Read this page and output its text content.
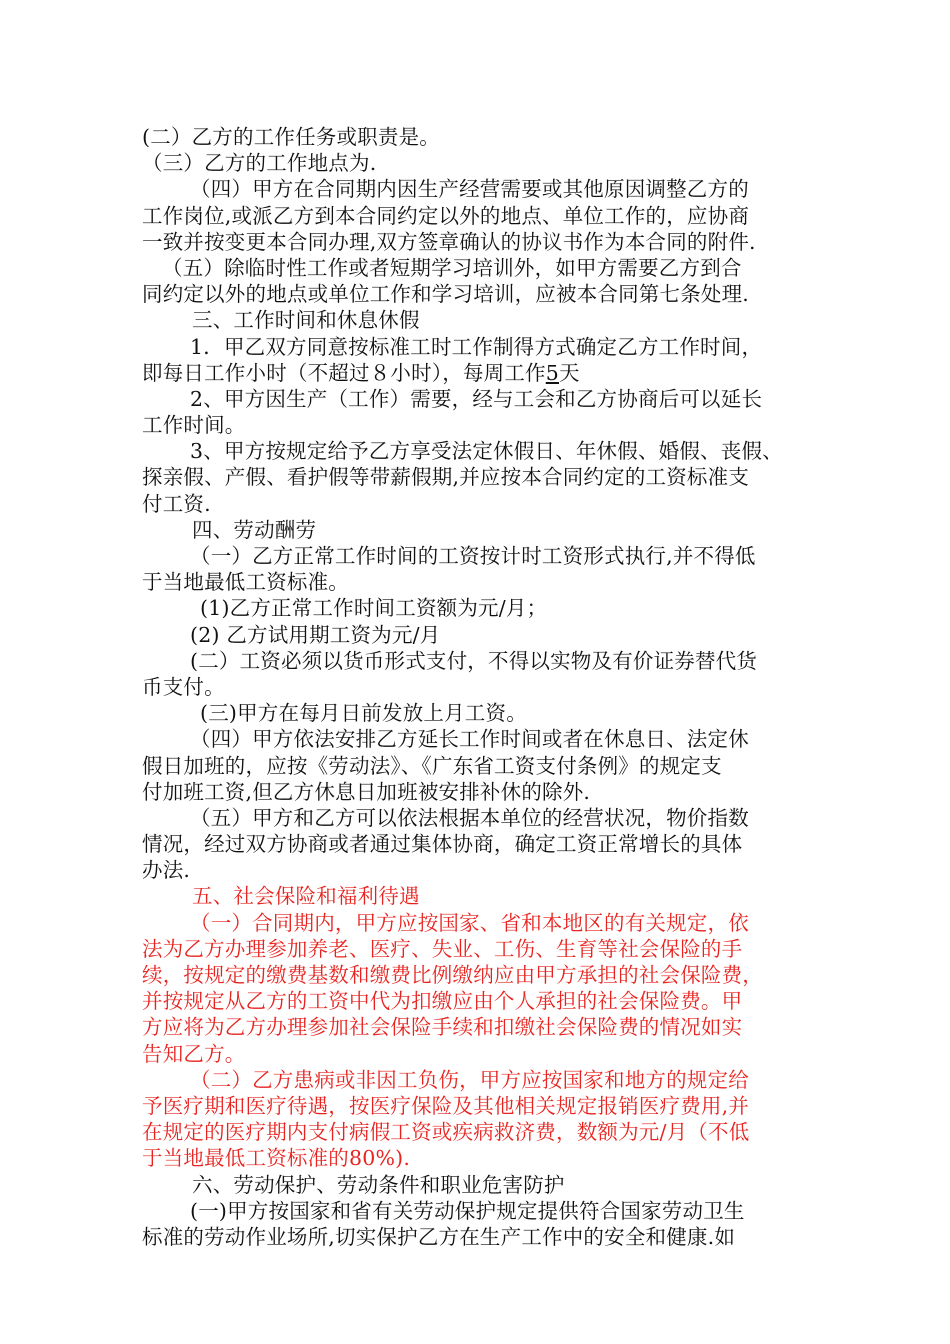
(二）乙方的工作任务或职责是。
（三）乙方的工作地点为.
（四）甲方在合同期内因生产经营需要或其他原因调整乙方的
工作岗位,或派乙方到本合同约定以外的地点、单位工作的，应协商
一致并按变更本合同办理,双方签章确认的协议书作为本合同的附件.
（五）除临时性工作或者短期学习培训外，如甲方需要乙方到合
同约定以外的地点或单位工作和学习培训，应被本合同第七条处理.
三、工作时间和休息休假
1．甲乙双方同意按标准工时工作制得方式确定乙方工作时间，
即每日工作小时（不超过８小时），每周工作5天
2、甲方因生产（工作）需要，经与工会和乙方协商后可以延长
工作时间。
3、甲方按规定给予乙方享受法定休假日、年休假、婚假、丧假、
探亲假、产假、看护假等带薪假期,并应按本合同约定的工资标准支
付工资.
四、劳动酬劳
（一）乙方正常工作时间的工资按计时工资形式执行,并不得低
于当地最低工资标准。
(1)乙方正常工作时间工资额为元/月；
(2) 乙方试用期工资为元/月
(二）工资必须以货币形式支付，不得以实物及有价证券替代货
币支付。
(三)甲方在每月日前发放上月工资。
（四）甲方依法安排乙方延长工作时间或者在休息日、法定休
假日加班的，应按《劳动法》、《广东省工资支付条例》的规定支
付加班工资,但乙方休息日加班被安排补休的除外.
（五）甲方和乙方可以依法根据本单位的经营状况，物价指数
情况，经过双方协商或者通过集体协商，确定工资正常增长的具体
办法.
五、社会保险和福利待遇
（一）合同期内，甲方应按国家、省和本地区的有关规定，依
法为乙方办理参加养老、医疗、失业、工伤、生育等社会保险的手
续，按规定的缴费基数和缴费比例缴纳应由甲方承担的社会保险费，
并按规定从乙方的工资中代为扣缴应由个人承担的社会保险费。甲
方应将为乙方办理参加社会保险手续和扣缴社会保险费的情况如实
告知乙方。
（二）乙方患病或非因工负伤，甲方应按国家和地方的规定给
予医疗期和医疗待遇，按医疗保险及其他相关规定报销医疗费用,并
在规定的医疗期内支付病假工资或疾病救济费，数额为元/月（不低
于当地最低工资标准的80%).
六、劳动保护、劳动条件和职业危害防护
(一)甲方按国家和省有关劳动保护规定提供符合国家劳动卫生
标准的劳动作业场所,切实保护乙方在生产工作中的安全和健康.如
